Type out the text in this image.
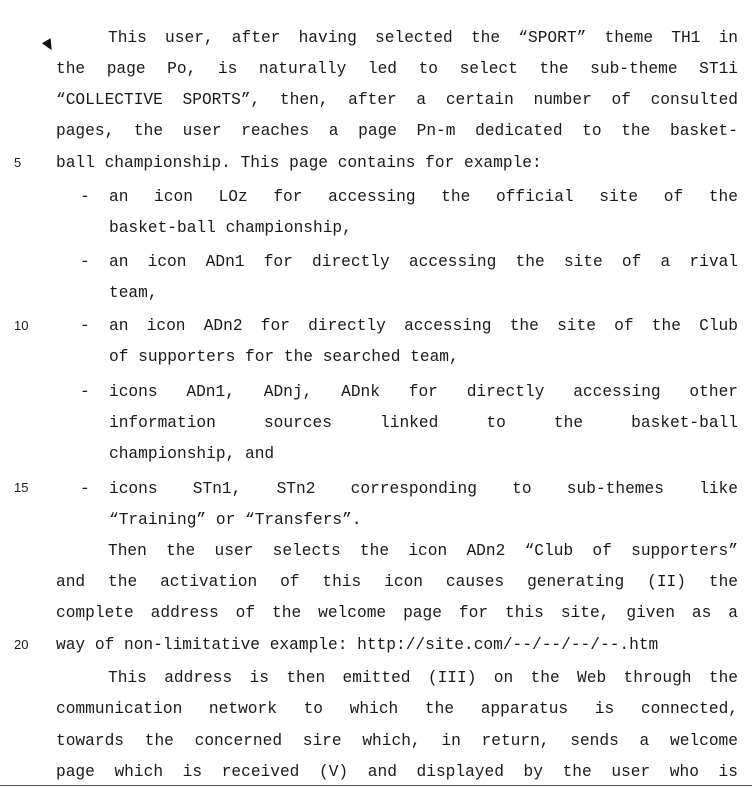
This user, after having selected the “SPORT” theme TH1 in
the page Po, is naturally led to select the sub-theme ST1i
“COLLECTIVE SPORTS”, then, after a certain number of consulted
pages, the user reaches a page Pn-m dedicated to the basket-
5	ball championship. This page contains for example:
- an icon LOz for accessing the official site of the
basket-ball championship,
- an icon ADn1 for directly accessing the site of a rival
team,
10	- an icon ADn2 for directly accessing the site of the Club
of supporters for the searched team,
- icons ADn1, ADnj, ADnk for directly accessing other
information sources linked to the basket-ball
championship, and
15	- icons STn1, STn2 corresponding to sub-themes like
“Training” or “Transfers”.
Then the user selects the icon ADn2 “Club of supporters”
and the activation of this icon causes generating (II) the
complete address of the welcome page for this site, given as a
20	way of non-limitative example: http://site.com/--/--/--/--.htm
This address is then emitted (III) on the Web through the
communication network to which the apparatus is connected,
towards the concerned sire which, in return, sends a welcome
page which is received (V) and displayed by the user who is
